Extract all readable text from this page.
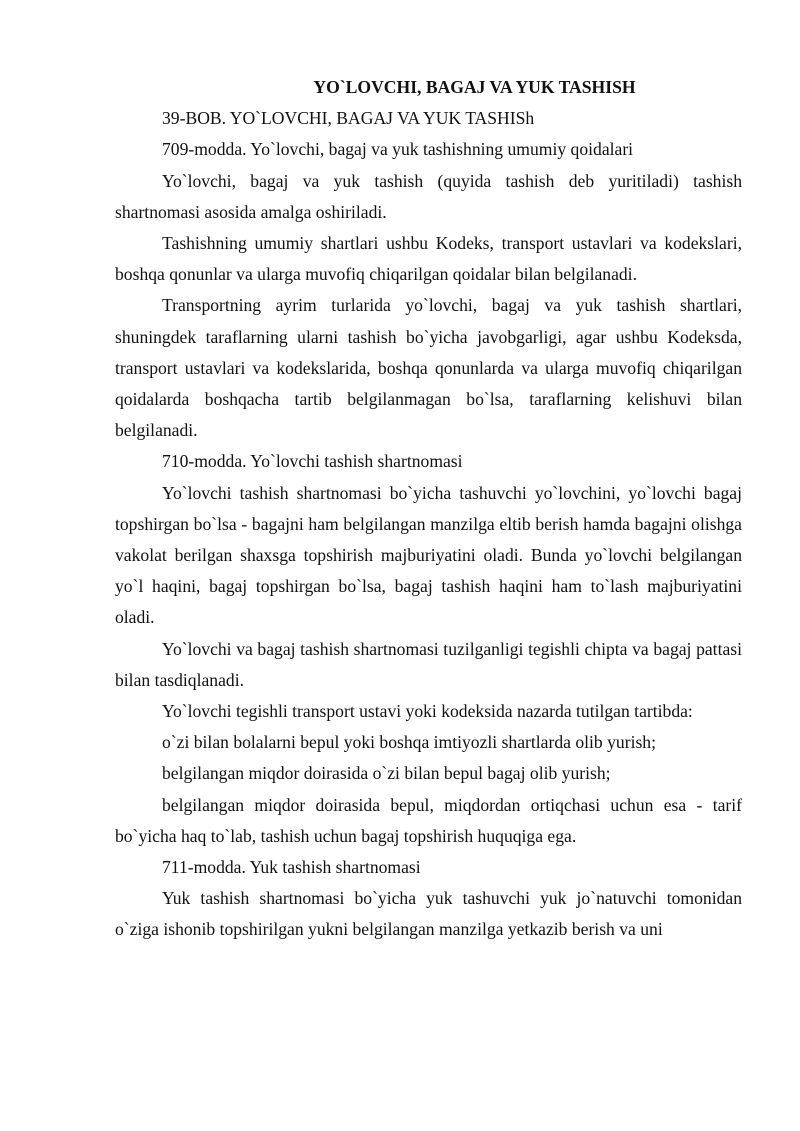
YO`LOVCHI, BAGAJ VA YUK TASHISH

39-BOB. YO`LOVCHI, BAGAJ VA YUK TASHISh

709-modda. Yo`lovchi, bagaj va yuk tashishning umumiy qoidalari

Yo`lovchi, bagaj va yuk tashish (quyida tashish deb yuritiladi) tashish shartnomasi asosida amalga oshiriladi.

Tashishning umumiy shartlari ushbu Kodeks, transport ustavlari va kodekslari, boshqa qonunlar va ularga muvofiq chiqarilgan qoidalar bilan belgilanadi.

Transportning ayrim turlarida yo`lovchi, bagaj va yuk tashish shartlari, shuningdek taraflarning ularni tashish bo`yicha javobgarligi, agar ushbu Kodeksda, transport ustavlari va kodekslarida, boshqa qonunlarda va ularga muvofiq chiqarilgan qoidalarda boshqacha tartib belgilanmagan bo`lsa, taraflarning kelishuvi bilan belgilanadi.

710-modda. Yo`lovchi tashish shartnomasi

Yo`lovchi tashish shartnomasi bo`yicha tashuvchi yo`lovchini, yo`lovchi bagaj topshirgan bo`lsa - bagajni ham belgilangan manzilga eltib berish hamda bagajni olishga vakolat berilgan shaxsga topshirish majburiyatini oladi. Bunda yo`lovchi belgilangan yo`l haqini, bagaj topshirgan bo`lsa, bagaj tashish haqini ham to`lash majburiyatini oladi.

Yo`lovchi va bagaj tashish shartnomasi tuzilganligi tegishli chipta va bagaj pattasi bilan tasdiqlanadi.

Yo`lovchi tegishli transport ustavi yoki kodeksida nazarda tutilgan tartibda:

o`zi bilan bolalarni bepul yoki boshqa imtiyozli shartlarda olib yurish;

belgilangan miqdor doirasida o`zi bilan bepul bagaj olib yurish;

belgilangan miqdor doirasida bepul, miqdordan ortiqchasi uchun esa - tarif bo`yicha haq to`lab, tashish uchun bagaj topshirish huquqiga ega.

711-modda. Yuk tashish shartnomasi

Yuk tashish shartnomasi bo`yicha yuk tashuvchi yuk jo`natuvchi tomonidan o`ziga ishonib topshirilgan yukni belgilangan manzilga yetkazib berish va uni
